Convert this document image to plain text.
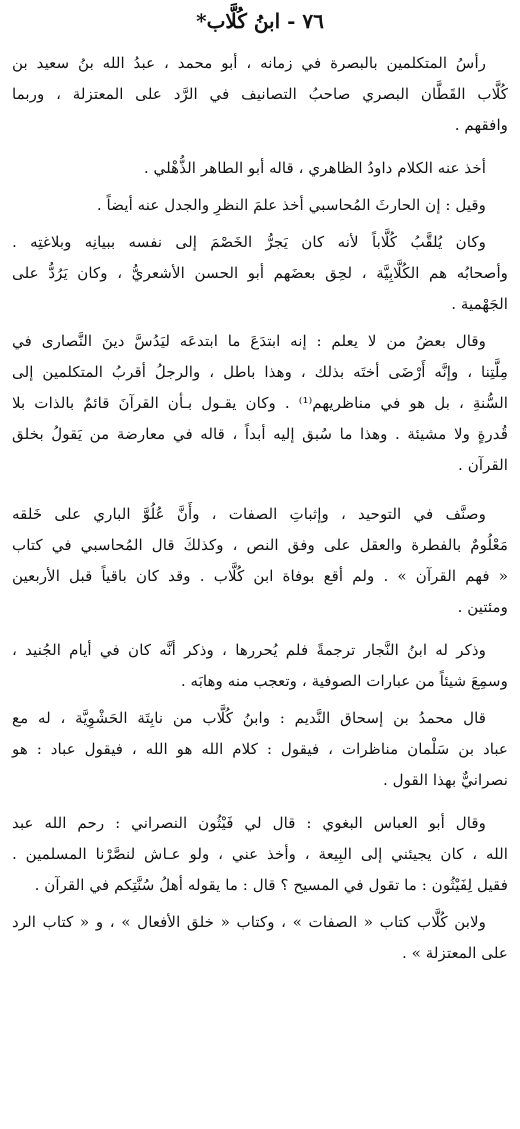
٧٦ - ابنُ كُلَّاب*

رأسُ المتكلمين بالبصرة في زمانه ، أبو محمد ، عبدُ الله بنُ سعيد بن
كُلَّاب القَطَّان البصري صاحبُ التصانيف في الرَّد على المعتزلة ، وربما
وافقهم .

أخذ عنه الكلام داودُ الظاهري ، قاله أبو الطاهر الذُّهْلي .

وقيل : إن الحارثَ المُحاسبي أخذ علمَ النظرِ والجدل عنه أيضاً .

وكان يُلقَّبُ كُلَّاباً لأنه كان يَجرُّ الخَصْمَ إلى نفسه ببيانِه وبلاغتِه .
وأصحابُه هم الكُلَّابِيَّة ، لحِق بعضَهم أبو الحسن الأشعريُّ ، وكان يَرُدُّ على
الجَهْمية .

وقال بعضُ من لا يعلم : إنه ابتدَعَ ما ابتدعَه ليَدُسَّ دينَ النَّصارى في
مِلَّتِنا ، وإنَّه أَرْضَى أختَه بذلك ، وهذا باطل ، والرجلُ أقربُ المتكلمين إلى
السُّنةِ ، بل هو في مناظريهم⁽¹⁾ . وكان يقـول بـأن القرآنَ قائمٌ بالذات بلا
قُدرةٍ ولا مشيئة . وهذا ما سُبق إليه أبداً ، قاله في معارضة من يَقولُ بخلق
القرآن .

وصنَّف في التوحيد ، وإثباتِ الصفات ، وأَنَّ عُلُوَّ الباري على خَلقه
مَعْلُومٌ بالفطرة والعقل على وفق النص ، وكذلكَ قال المُحاسبي في كتاب
« فهم القرآن » . ولم أقع بوفاة ابن كُلَّاب . وقد كان باقياً قبل الأربعين
ومئتين .

وذكر له ابنُ النَّجار ترجمةً فلم يُحررها ، وذكر أنَّه كان في أيام الجُنيد ،
وسمِعَ شيئاً من عبارات الصوفية ، وتعجب منه وهابَه .

قال محمدُ بن إسحاق النَّديم : وابنُ كُلَّاب من نابِتَة الحَشْوِيَّة ، له مع
عباد بن سَلْمان مناظرات ، فيقول : كلام الله هو الله ، فيقول عباد : هو
نصرانيٌّ بهذا القول .

وقال أبو العباس البغوي : قال لي فَيْثُون النصراني : رحم الله عبد
الله ، كان يجيئني إلى البِيعة ، وأخذ عني ، ولو عـاش لنصَّرْنا المسلمين .
فقيل لِفَيْثُون : ما تقول في المسيح ؟ قال : ما يقوله أهلُ سُنَّتِكم في القرآن .

ولابن كُلَّاب كتاب « الصفات » ، وكتاب « خلق الأفعال » ، و « كتاب الرد
على المعتزلة » .
